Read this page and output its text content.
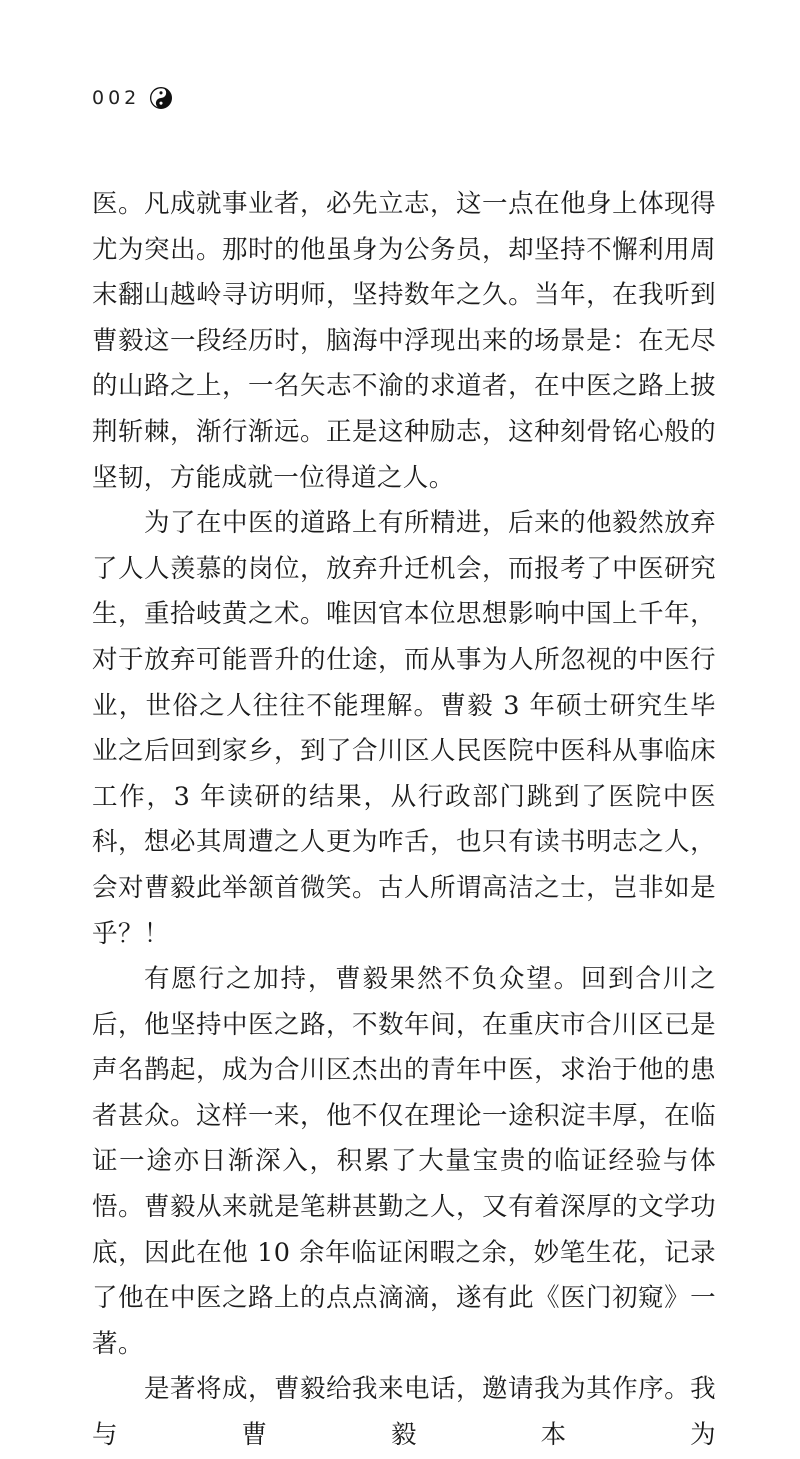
002

医。凡成就事业者，必先立志，这一点在他身上体现得尤为突出。那时的他虽身为公务员，却坚持不懈利用周末翻山越岭寻访明师，坚持数年之久。当年，在我听到曹毅这一段经历时，脑海中浮现出来的场景是：在无尽的山路之上，一名矢志不渝的求道者，在中医之路上披荆斩棘，渐行渐远。正是这种励志，这种刻骨铭心般的坚韧，方能成就一位得道之人。

为了在中医的道路上有所精进，后来的他毅然放弃了人人羡慕的岗位，放弃升迁机会，而报考了中医研究生，重拾岐黄之术。唯因官本位思想影响中国上千年，对于放弃可能晋升的仕途，而从事为人所忽视的中医行业，世俗之人往往不能理解。曹毅 3 年硕士研究生毕业之后回到家乡，到了合川区人民医院中医科从事临床工作，3 年读研的结果，从行政部门跳到了医院中医科，想必其周遭之人更为咋舌，也只有读书明志之人，会对曹毅此举颔首微笑。古人所谓高洁之士，岂非如是乎？！

有愿行之加持，曹毅果然不负众望。回到合川之后，他坚持中医之路，不数年间，在重庆市合川区已是声名鹊起，成为合川区杰出的青年中医，求治于他的患者甚众。这样一来，他不仅在理论一途积淀丰厚，在临证一途亦日渐深入，积累了大量宝贵的临证经验与体悟。曹毅从来就是笔耕甚勤之人，又有着深厚的文学功底，因此在他 10 余年临证闲暇之余，妙笔生花，记录了他在中医之路上的点点滴滴，遂有此《医门初窥》一著。

是著将成，曹毅给我来电话，邀请我为其作序。我与曹毅本为
